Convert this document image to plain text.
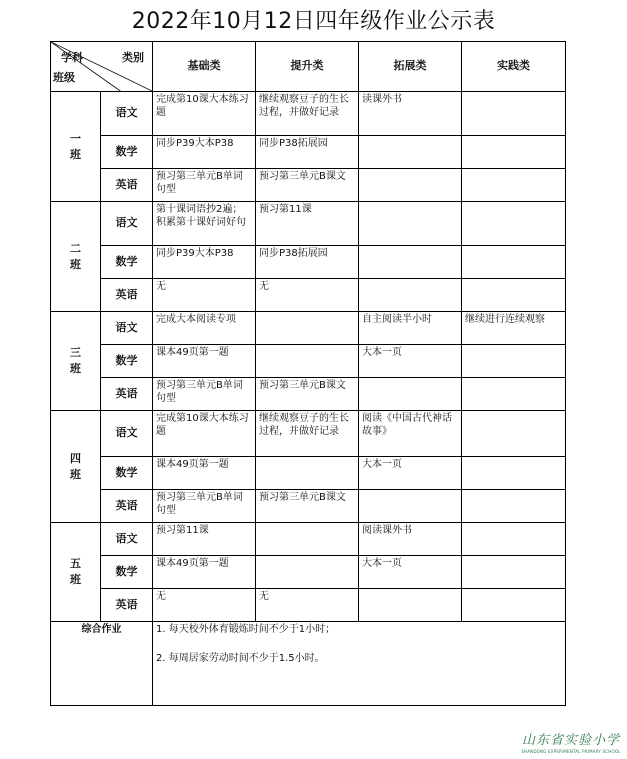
2022年10月12日四年级作业公示表
学科 类别
班级		基础类	提升类	拓展类	实践类
一
班	语文	完成第10课大本练习题	继续观察豆子的生长过程，并做好记录	读课外书	
	数学	同步P39大本P38	同步P38拓展园		
	英语	预习第三单元B单词句型	预习第三单元B课文		
二
班	语文	第十课词语抄2遍；积累第十课好词好句	预习第11课		
	数学	同步P39大本P38	同步P38拓展园		
	英语	无	无		
三
班	语文	完成大本阅读专项		自主阅读半小时	继续进行连续观察
	数学	课本49页第一题		大本一页	
	英语	预习第三单元B单词句型	预习第三单元B课文		
四
班	语文	完成第10课大本练习题	继续观察豆子的生长过程，并做好记录	阅读《中国古代神话故事》	
	数学	课本49页第一题		大本一页	
	英语	预习第三单元B单词句型	预习第三单元B课文		
五
班	语文	预习第11课		阅读课外书	
	数学	课本49页第一题		大本一页	
	英语	无	无		
综合作业		1. 每天校外体育锻炼时间不少于1小时；

2. 每周居家劳动时间不少于1.5小时。			

山东省实验小学
SHANDONG EXPERIMENTAL PRIMARY SCHOOL
